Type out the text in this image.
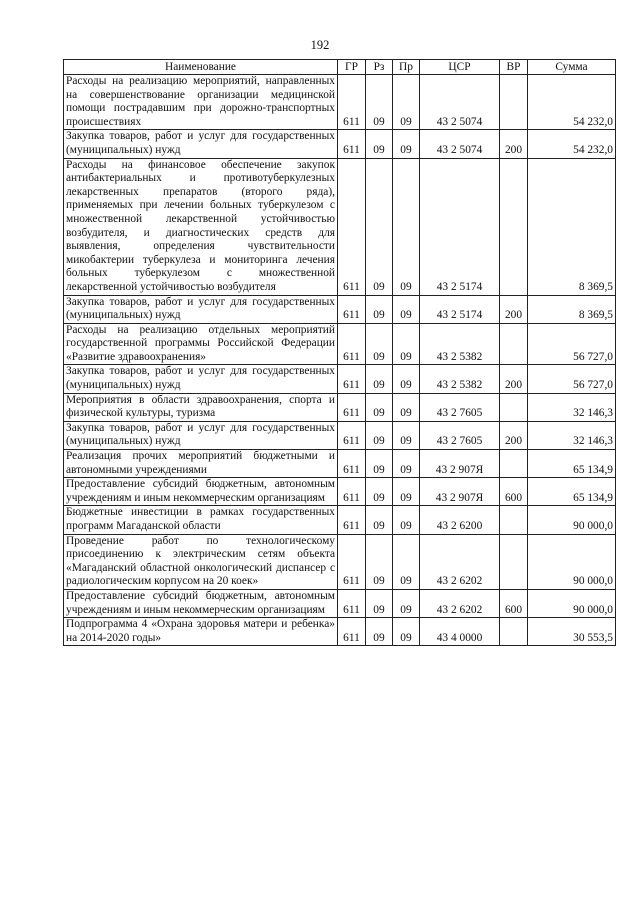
192
Наименование	ГР	Рз	Пр	ЦСР	ВР	Сумма
Расходы на реализацию мероприятий, направленных на совершенствование организации медицинской помощи пострадавшим при дорожно-транспортных происшествиях	611	09	09	43 2 5074		54 232,0
Закупка товаров, работ и услуг для государственных (муниципальных) нужд	611	09	09	43 2 5074	200	54 232,0
Расходы на финансовое обеспечение закупок антибактериальных и противотуберкулезных лекарственных препаратов (второго ряда), применяемых при лечении больных туберкулезом с множественной лекарственной устойчивостью возбудителя, и диагностических средств для выявления, определения чувствительности микобактерии туберкулеза и мониторинга лечения больных туберкулезом с множественной лекарственной устойчивостью возбудителя	611	09	09	43 2 5174		8 369,5
Закупка товаров, работ и услуг для государственных (муниципальных) нужд	611	09	09	43 2 5174	200	8 369,5
Расходы на реализацию отдельных мероприятий государственной программы Российской Федерации «Развитие здравоохранения»	611	09	09	43 2 5382		56 727,0
Закупка товаров, работ и услуг для государственных (муниципальных) нужд	611	09	09	43 2 5382	200	56 727,0
Мероприятия в области здравоохранения, спорта и физической культуры, туризма	611	09	09	43 2 7605		32 146,3
Закупка товаров, работ и услуг для государственных (муниципальных) нужд	611	09	09	43 2 7605	200	32 146,3
Реализация прочих мероприятий бюджетными и автономными учреждениями	611	09	09	43 2 907Я		65 134,9
Предоставление субсидий бюджетным, автономным учреждениям и иным некоммерческим организациям	611	09	09	43 2 907Я	600	65 134,9
Бюджетные инвестиции в рамках государственных программ Магаданской области	611	09	09	43 2 6200		90 000,0
Проведение работ по технологическому присоединению к электрическим сетям объекта «Магаданский областной онкологический диспансер с радиологическим корпусом на 20 коек»	611	09	09	43 2 6202		90 000,0
Предоставление субсидий бюджетным, автономным учреждениям и иным некоммерческим организациям	611	09	09	43 2 6202	600	90 000,0
Подпрограмма 4 «Охрана здоровья матери и ребенка» на 2014-2020 годы»	611	09	09	43 4 0000		30 553,5
